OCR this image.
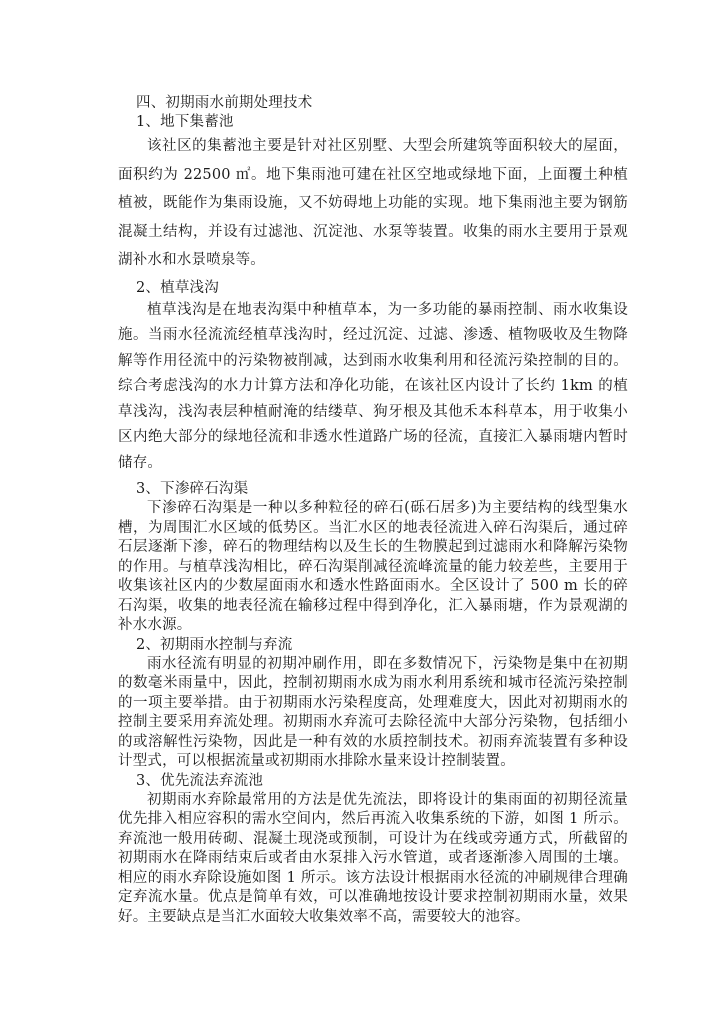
四、初期雨水前期处理技术

1、地下集蓄池

该社区的集蓄池主要是针对社区别墅、大型会所建筑等面积较大的屋面，面积约为 22500 ㎡。地下集雨池可建在社区空地或绿地下面，上面覆土种植植被，既能作为集雨设施，又不妨碍地上功能的实现。地下集雨池主要为钢筋混凝土结构，并设有过滤池、沉淀池、水泵等装置。收集的雨水主要用于景观湖补水和水景喷泉等。

2、植草浅沟

植草浅沟是在地表沟渠中种植草本，为一多功能的暴雨控制、雨水收集设施。当雨水径流流经植草浅沟时，经过沉淀、过滤、渗透、植物吸收及生物降解等作用径流中的污染物被削减，达到雨水收集利用和径流污染控制的目的。综合考虑浅沟的水力计算方法和净化功能，在该社区内设计了长约 1km 的植草浅沟，浅沟表层种植耐淹的结缕草、狗牙根及其他禾本科草本，用于收集小区内绝大部分的绿地径流和非透水性道路广场的径流，直接汇入暴雨塘内暂时储存。

3、下渗碎石沟渠

下渗碎石沟渠是一种以多种粒径的碎石(砾石居多)为主要结构的线型集水槽，为周围汇水区域的低势区。当汇水区的地表径流进入碎石沟渠后，通过碎石层逐渐下渗，碎石的物理结构以及生长的生物膜起到过滤雨水和降解污染物的作用。与植草浅沟相比，碎石沟渠削减径流峰流量的能力较差些，主要用于收集该社区内的少数屋面雨水和透水性路面雨水。全区设计了 500 m 长的碎石沟渠，收集的地表径流在输移过程中得到净化，汇入暴雨塘，作为景观湖的补水水源。

2、初期雨水控制与弃流

雨水径流有明显的初期冲刷作用，即在多数情况下，污染物是集中在初期的数毫米雨量中，因此，控制初期雨水成为雨水利用系统和城市径流污染控制的一项主要举措。由于初期雨水污染程度高，处理难度大，因此对初期雨水的控制主要采用弃流处理。初期雨水弃流可去除径流中大部分污染物，包括细小的或溶解性污染物，因此是一种有效的水质控制技术。初雨弃流装置有多种设计型式，可以根据流量或初期雨水排除水量来设计控制装置。

3、优先流法弃流池

初期雨水弃除最常用的方法是优先流法，即将设计的集雨面的初期径流量优先排入相应容积的需水空间内，然后再流入收集系统的下游，如图 1 所示。弃流池一般用砖砌、混凝土现浇或预制，可设计为在线或旁通方式，所截留的初期雨水在降雨结束后或者由水泵排入污水管道，或者逐渐渗入周围的土壤。相应的雨水弃除设施如图 1 所示。该方法设计根据雨水径流的冲刷规律合理确定弃流水量。优点是简单有效，可以准确地按设计要求控制初期雨水量，效果好。主要缺点是当汇水面较大收集效率不高，需要较大的池容。
